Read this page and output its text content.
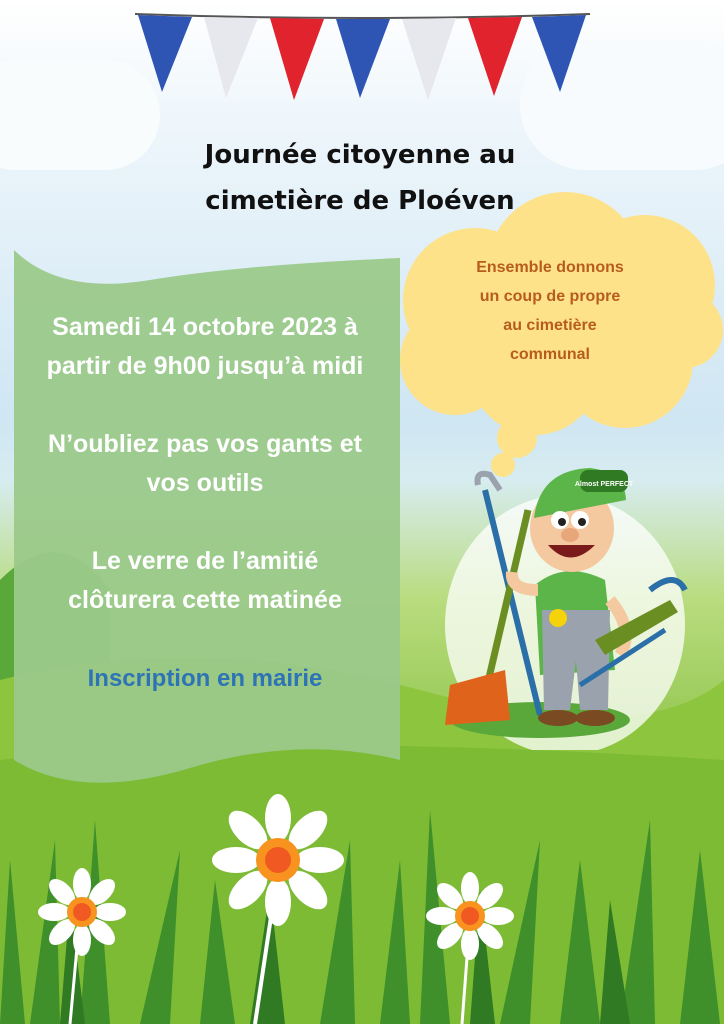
Journée citoyenne au
cimetière de Ploéven
Samedi 14 octobre 2023 à
partir de 9h00 jusqu’à midi
N’oubliez pas vos gants et
vos outils
Le verre de l’amitié
clôturera cette matinée
Inscription en mairie
Ensemble donnons
un coup de propre
au cimetière
communal
Almost PERFECT
